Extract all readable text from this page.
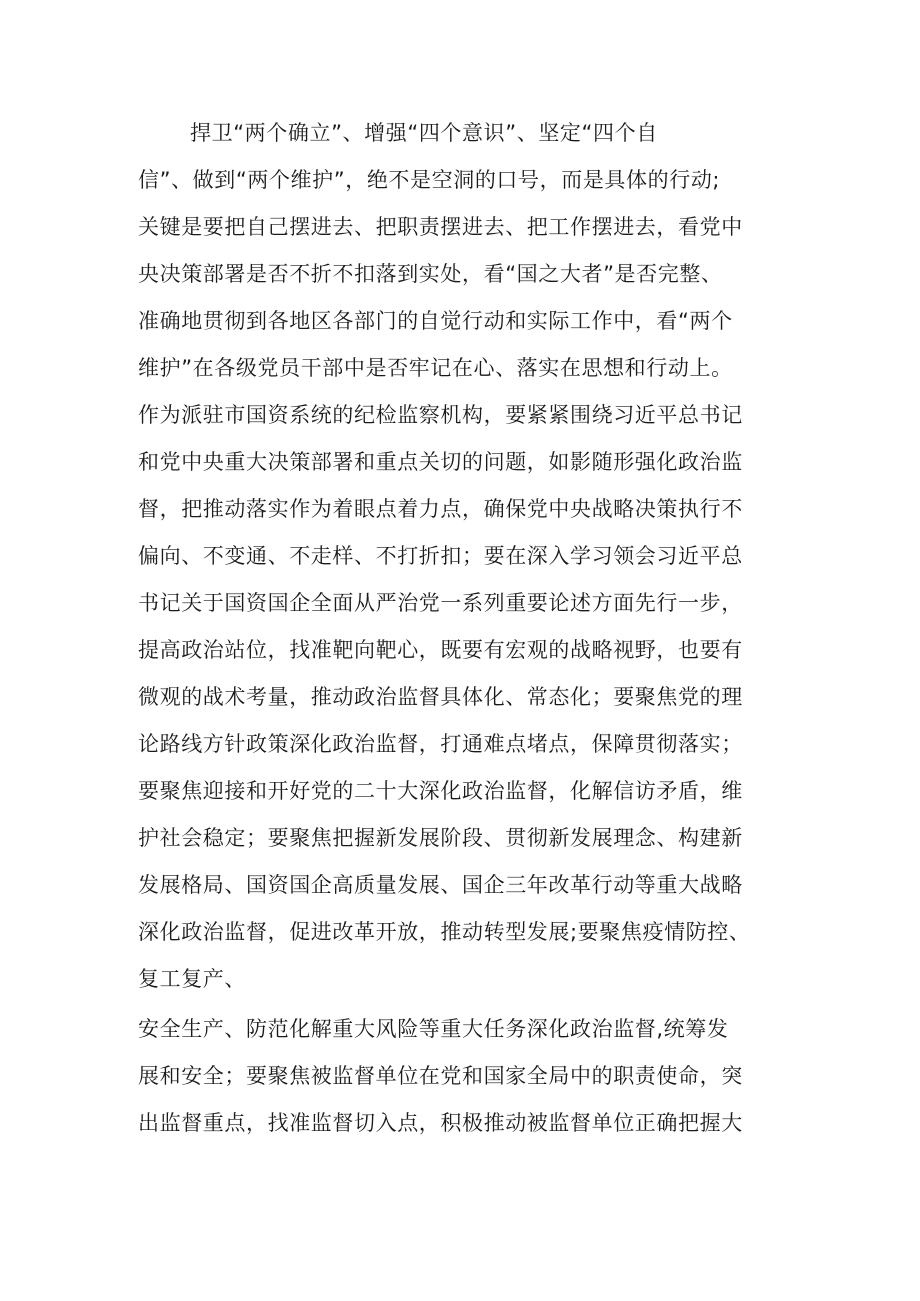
捍卫“两个确立”、增强“四个意识”、坚定“四个自
信”、做到“两个维护”，绝不是空洞的口号，而是具体的行动;
关键是要把自己摆进去、把职责摆进去、把工作摆进去，看党中
央决策部署是否不折不扣落到实处，看“国之大者”是否完整、
准确地贯彻到各地区各部门的自觉行动和实际工作中，看“两个
维护”在各级党员干部中是否牢记在心、落实在思想和行动上。
作为派驻市国资系统的纪检监察机构，要紧紧围绕习近平总书记
和党中央重大决策部署和重点关切的问题，如影随形强化政治监
督，把推动落实作为着眼点着力点，确保党中央战略决策执行不
偏向、不变通、不走样、不打折扣；要在深入学习领会习近平总
书记关于国资国企全面从严治党一系列重要论述方面先行一步，
提高政治站位，找准靶向靶心，既要有宏观的战略视野，也要有
微观的战术考量，推动政治监督具体化、常态化；要聚焦党的理
论路线方针政策深化政治监督，打通难点堵点，保障贯彻落实；
要聚焦迎接和开好党的二十大深化政治监督，化解信访矛盾，维
护社会稳定；要聚焦把握新发展阶段、贯彻新发展理念、构建新
发展格局、国资国企高质量发展、国企三年改革行动等重大战略
深化政治监督，促进改革开放，推动转型发展;要聚焦疫情防控、
复工复产、
安全生产、防范化解重大风险等重大任务深化政治监督,统筹发
展和安全；要聚焦被监督单位在党和国家全局中的职责使命，突
出监督重点，找准监督切入点，积极推动被监督单位正确把握大
